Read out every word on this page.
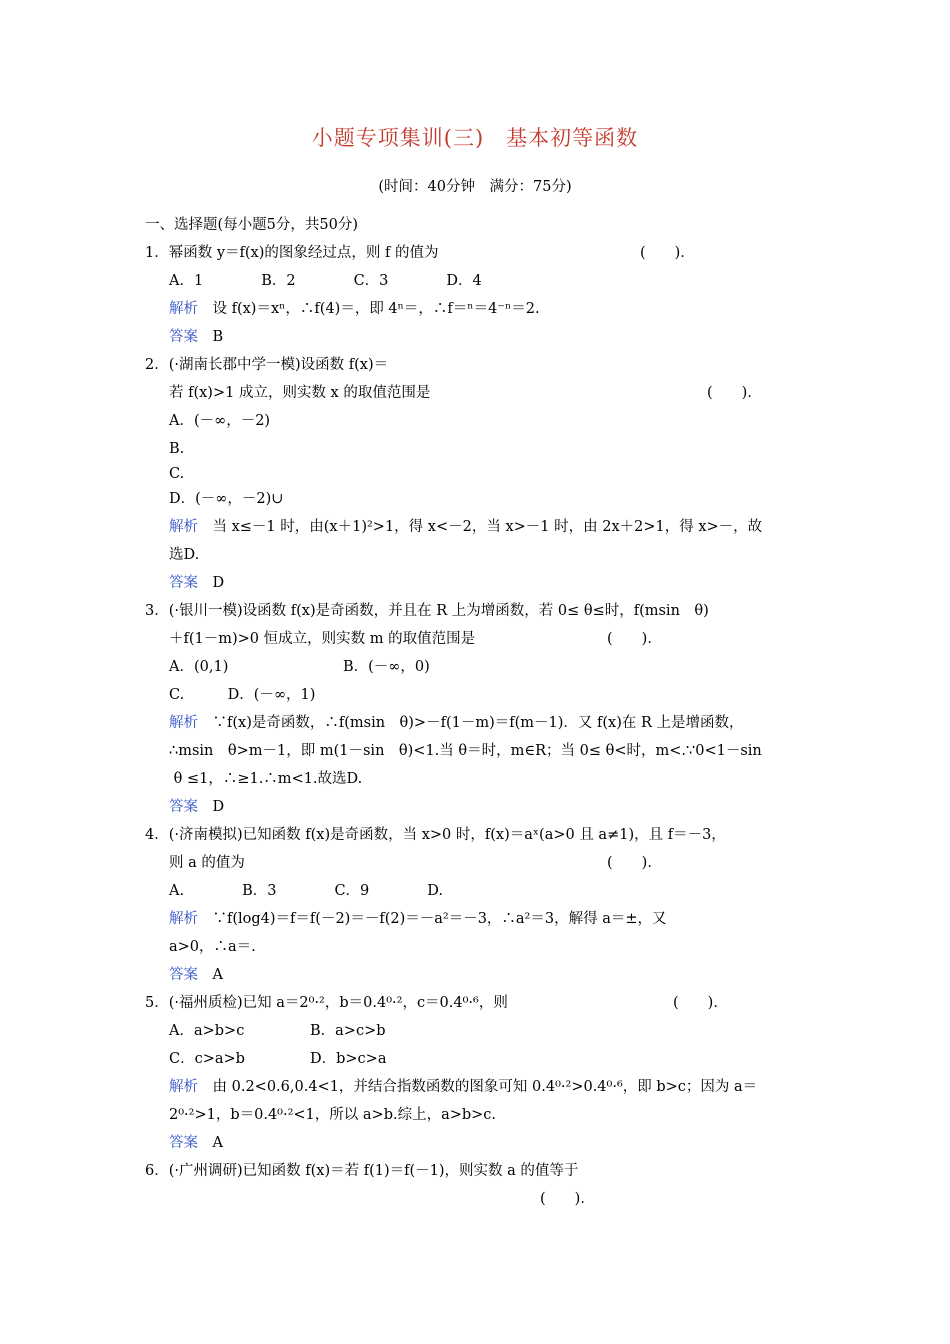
小题专项集训(三)　基本初等函数
(时间：40分钟　满分：75分)
一、选择题(每小题5分，共50分)
1．幂函数 y＝f(x)的图象经过点，则 f 的值为	(　　)．
A．1　　　　B．2　　　　C．3　　　　D．4
解析　设 f(x)＝xⁿ，∴f(4)＝，即 4ⁿ＝，∴f＝ⁿ＝4⁻ⁿ＝2.
答案　B
2．(·湖南长郡中学一模)设函数 f(x)＝
若 f(x)>1 成立，则实数 x 的取值范围是	(　　)．
A．(－∞，－2)
B.
C.
D．(－∞，－2)∪
解析　当 x≤－1 时，由(x＋1)²>1，得 x<－2，当 x>－1 时，由 2x＋2>1，得 x>－，故
选D.
答案　D
3．(·银川一模)设函数 f(x)是奇函数，并且在 R 上为增函数，若 0≤ θ≤时，f(msin　θ)
＋f(1－m)>0 恒成立，则实数 m 的取值范围是	(　　)．
A．(0,1)	B．(－∞，0)
C.　　　D．(－∞，1)
解析　∵f(x)是奇函数，∴f(msin　θ)>－f(1－m)＝f(m－1)．又 f(x)在 R 上是增函数，
∴msin　θ>m－1，即 m(1－sin　θ)<1.当 θ＝时，m∈R；当 0≤ θ<时，m<.∵0<1－sin
θ ≤1，∴≥1.∴m<1.故选D.
答案　D
4．(·济南模拟)已知函数 f(x)是奇函数，当 x>0 时，f(x)＝aˣ(a>0 且 a≠1)，且 f＝－3，
则 a 的值为	(　　)．
A.　　　　B．3　　　　C．9　　　　D.
解析　∵f(log4)＝f＝f(－2)＝－f(2)＝－a²＝－3，∴a²＝3，解得 a＝±，又
a>0，∴a＝.
答案　A
5．(·福州质检)已知 a＝2⁰·²，b＝0.4⁰·²，c＝0.4⁰·⁶，则	(　　)．
A．a>b>c	B．a>c>b
C．c>a>b	D．b>c>a
解析　由 0.2<0.6,0.4<1，并结合指数函数的图象可知 0.4⁰·²>0.4⁰·⁶，即 b>c；因为 a＝
2⁰·²>1，b＝0.4⁰·²<1，所以 a>b.综上，a>b>c.
答案　A
6．(·广州调研)已知函数 f(x)＝若 f(1)＝f(－1)，则实数 a 的值等于
(　　)．
